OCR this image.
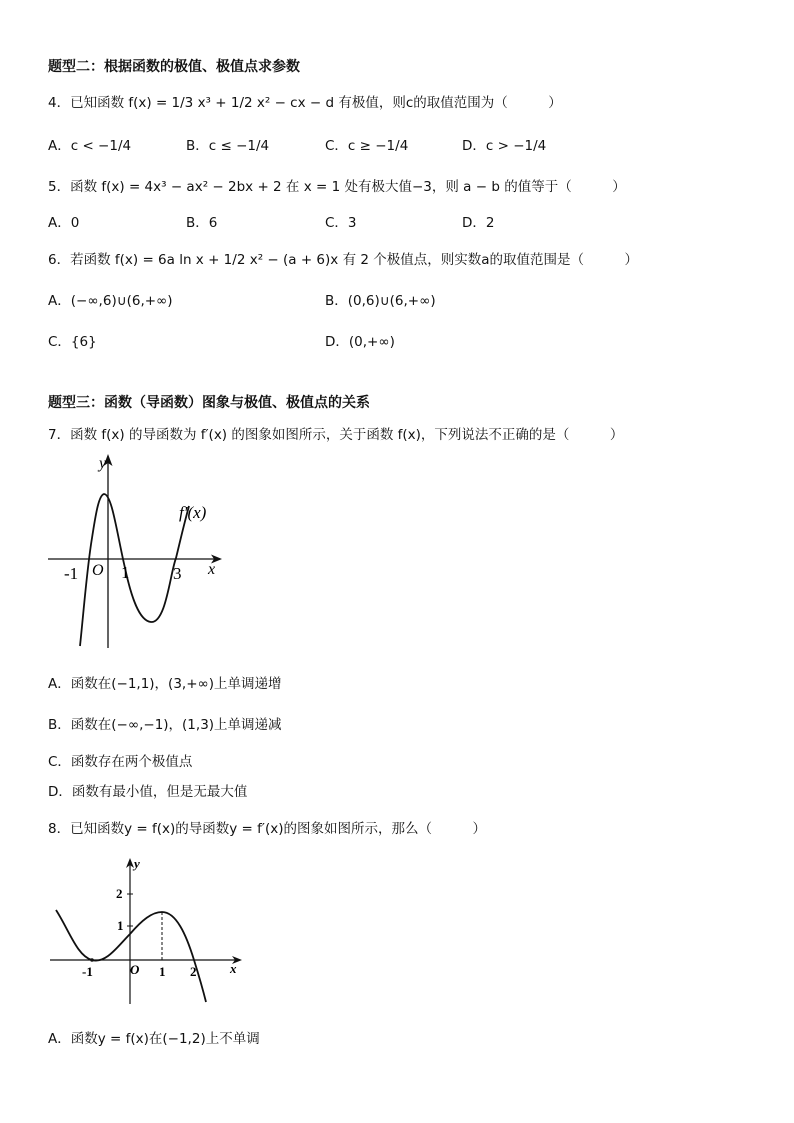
题型二：根据函数的极值、极值点求参数
4．已知函数 f(x) = 1/3 x³ + 1/2 x² − cx − d 有极值，则c的取值范围为（　　　）
A．c < −1/4	B．c ≤ −1/4	C．c ≥ −1/4	D．c > −1/4
5．函数 f(x) = 4x³ − ax² − 2bx + 2 在 x = 1 处有极大值−3，则 a − b 的值等于（　　　）
A．0	B．6	C．3	D．2
6．若函数 f(x) = 6a ln x + 1/2 x² − (a + 6)x 有 2 个极值点，则实数a的取值范围是（　　　）
A．(−∞,6)∪(6,+∞)	B．(0,6)∪(6,+∞)
C．{6}	D．(0,+∞)
题型三：函数（导函数）图象与极值、极值点的关系
7．函数 f(x) 的导函数为 f′(x) 的图象如图所示，关于函数 f(x)，下列说法不正确的是（　　　）
y
f′(x)
-1 O 1	3 x
A．函数在(−1,1)，(3,+∞)上单调递增
B．函数在(−∞,−1)，(1,3)上单调递减
C．函数存在两个极值点
D．函数有最小值，但是无最大值
8．已知函数y = f(x)的导函数y = f′(x)的图象如图所示，那么（　　　）
y
2
1
-1	O 1 2	x
A．函数y = f(x)在(−1,2)上不单调
